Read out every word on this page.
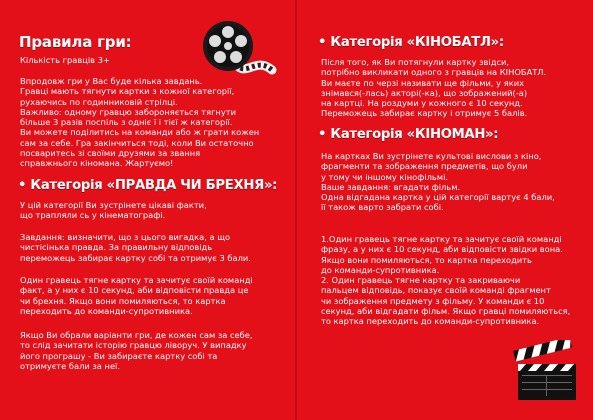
Правила гри:
Кількість гравців 3+
Впродовж гри у Вас буде кілька завдань.
Гравці мають тягнути картки з кожної категорії,
рухаючись по годинниковій стрілці.
Важливо: одному гравцю забороняється тягнути
більше 3 разів поспіль з одніє ї і тієї ж категорії.
Ви можете поділитись на команди або ж грати кожен
сам за себе. Гра закінчиться тоді, коли Ви остаточно
посваритесь зі своїми друзями за звання
справжнього кіномана. Жартуємо!
• Категорія «ПРАВДА ЧИ БРЕХНЯ»:
У цій категорії Ви зустрінете цікаві факти,
що трапляли сь у кінематографі.
Завдання: визначити, що з цього вигадка, а що
чистісінька правда. За правильну відповідь
переможець забирає картку собі та отримує 3 бали.
Один гравець тягне картку та зачитує своїй команді
факт, а у них є 10 секунд, аби відповісти правда це
чи брехня. Якщо вони помиляються, то картка
переходить до команди-супротивника.
Якщо Ви обрали варіанти гри, де кожен сам за себе,
то слід зачитати історію гравцю ліворуч. У випадку
його програшу - Ви забираєте картку собі та
отримуєте бали за неї.
• Категорія «КІНОБАТЛ»:
Після того, як Ви потягнули картку звідси,
потрібно викликати одного з гравців на КІНОБАТЛ.
Ви маєте по черзі називати ще фільми, у яких
знімався(-лась) акторі(-ка), що зображений(-а)
на картці. На роздуми у кожного є 10 секунд.
Переможець забирає картку і отримує 5 балів.
• Категорія «КІНОМАН»:
На картках Ви зустрінете культові вислови з кіно,
фрагменти та зображення предметів, що були
у тому чи іншому кінофільмі.
Ваше завдання: вгадати фільм.
Одна відгадана картка у цій категорії вартує 4 бали,
її також варто забрати собі.
1.Один гравець тягне картку та зачитує своїй команді
фразу, а у них є 10 секунд, аби відповісти звідки вона.
Якщо вони помиляються, то картка переходить
до команди-супротивника.
2. Один гравець тягне картку та закриваючи
пальцем відповідь, показує своїй команді фрагмент
чи зображення предмету з фільму. У команди є 10
секунд, аби відгадати фільм. Якщо гравці помиляються,
то картка переходить до команди-супротивника.
